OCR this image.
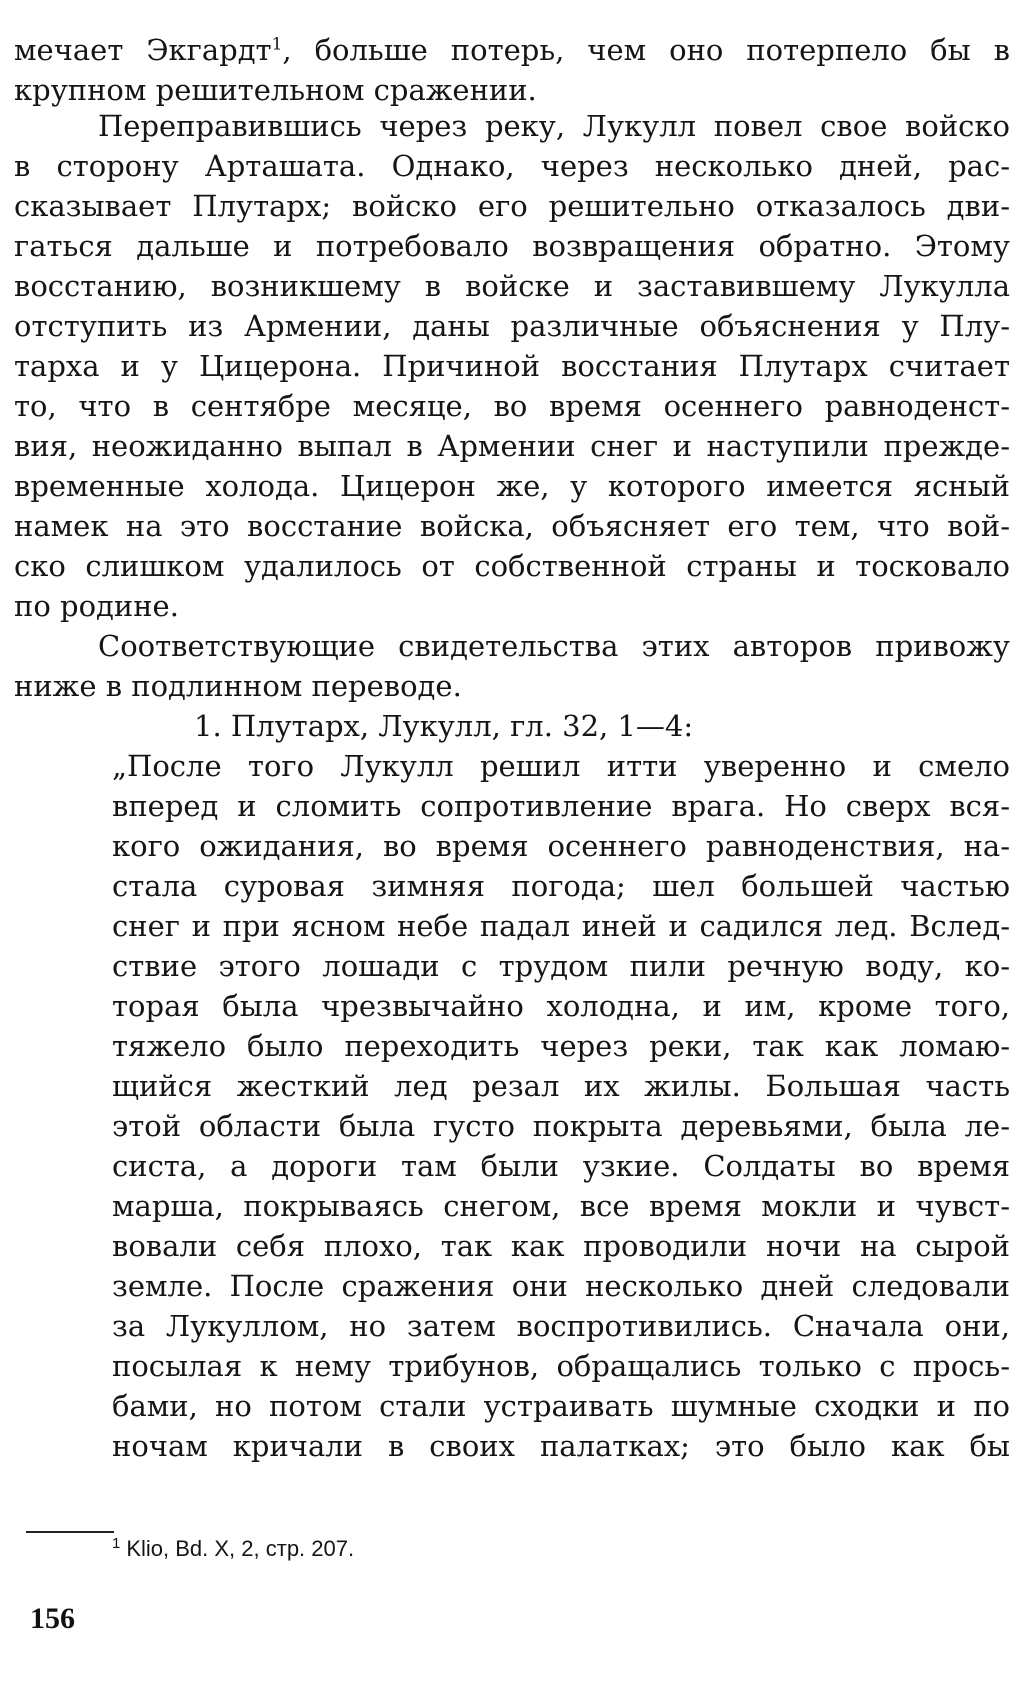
мечает Экгардт$^1$, больше потерь, чем оно потерпело бы в
крупном решительном сражении.
Переправившись через реку, Лукулл повел свое войско
в сторону Арташата. Однако, через несколько дней, рас-
сказывает Плутарх; войско его решительно отказалось дви-
гаться дальше и потребовало возвращения обратно. Этому
восстанию, возникшему в войске и заставившему Лукулла
отступить из Армении, даны различные объяснения у Плу-
тарха и у Цицерона. Причиной восстания Плутарх считает
то, что в сентябре месяце, во время осеннего равноденст-
вия, неожиданно выпал в Армении снег и наступили прежде-
временные холода. Цицерон же, у которого имеется ясный
намек на это восстание войска, объясняет его тем, что вой-
ско слишком удалилось от собственной страны и тосковало
по родине.
Соответствующие свидетельства этих авторов привожу
ниже в подлинном переводе.
1. Плутарх, Лукулл, гл. 32, 1—4:
„После того Лукулл решил итти уверенно и смело
вперед и сломить сопротивление врага. Но сверх вся-
кого ожидания, во время осеннего равноденствия, на-
стала суровая зимняя погода; шел большей частью
снег и при ясном небе падал иней и садился лед. Вслед-
ствие этого лошади с трудом пили речную воду, ко-
торая была чрезвычайно холодна, и им, кроме того,
тяжело было переходить через реки, так как ломаю-
щийся жесткий лед резал их жилы. Большая часть
этой области была густо покрыта деревьями, была ле-
систа, а дороги там были узкие. Солдаты во время
марша, покрываясь снегом, все время мокли и чувст-
вовали себя плохо, так как проводили ночи на сырой
земле. После сражения они несколько дней следовали
за Лукуллом, но затем воспротивились. Сначала они,
посылая к нему трибунов, обращались только с прось-
бами, но потом стали устраивать шумные сходки и по
ночам кричали в своих палатках; это было как бы
$^1$ Klio, Bd. X, 2, стр. 207.
156
